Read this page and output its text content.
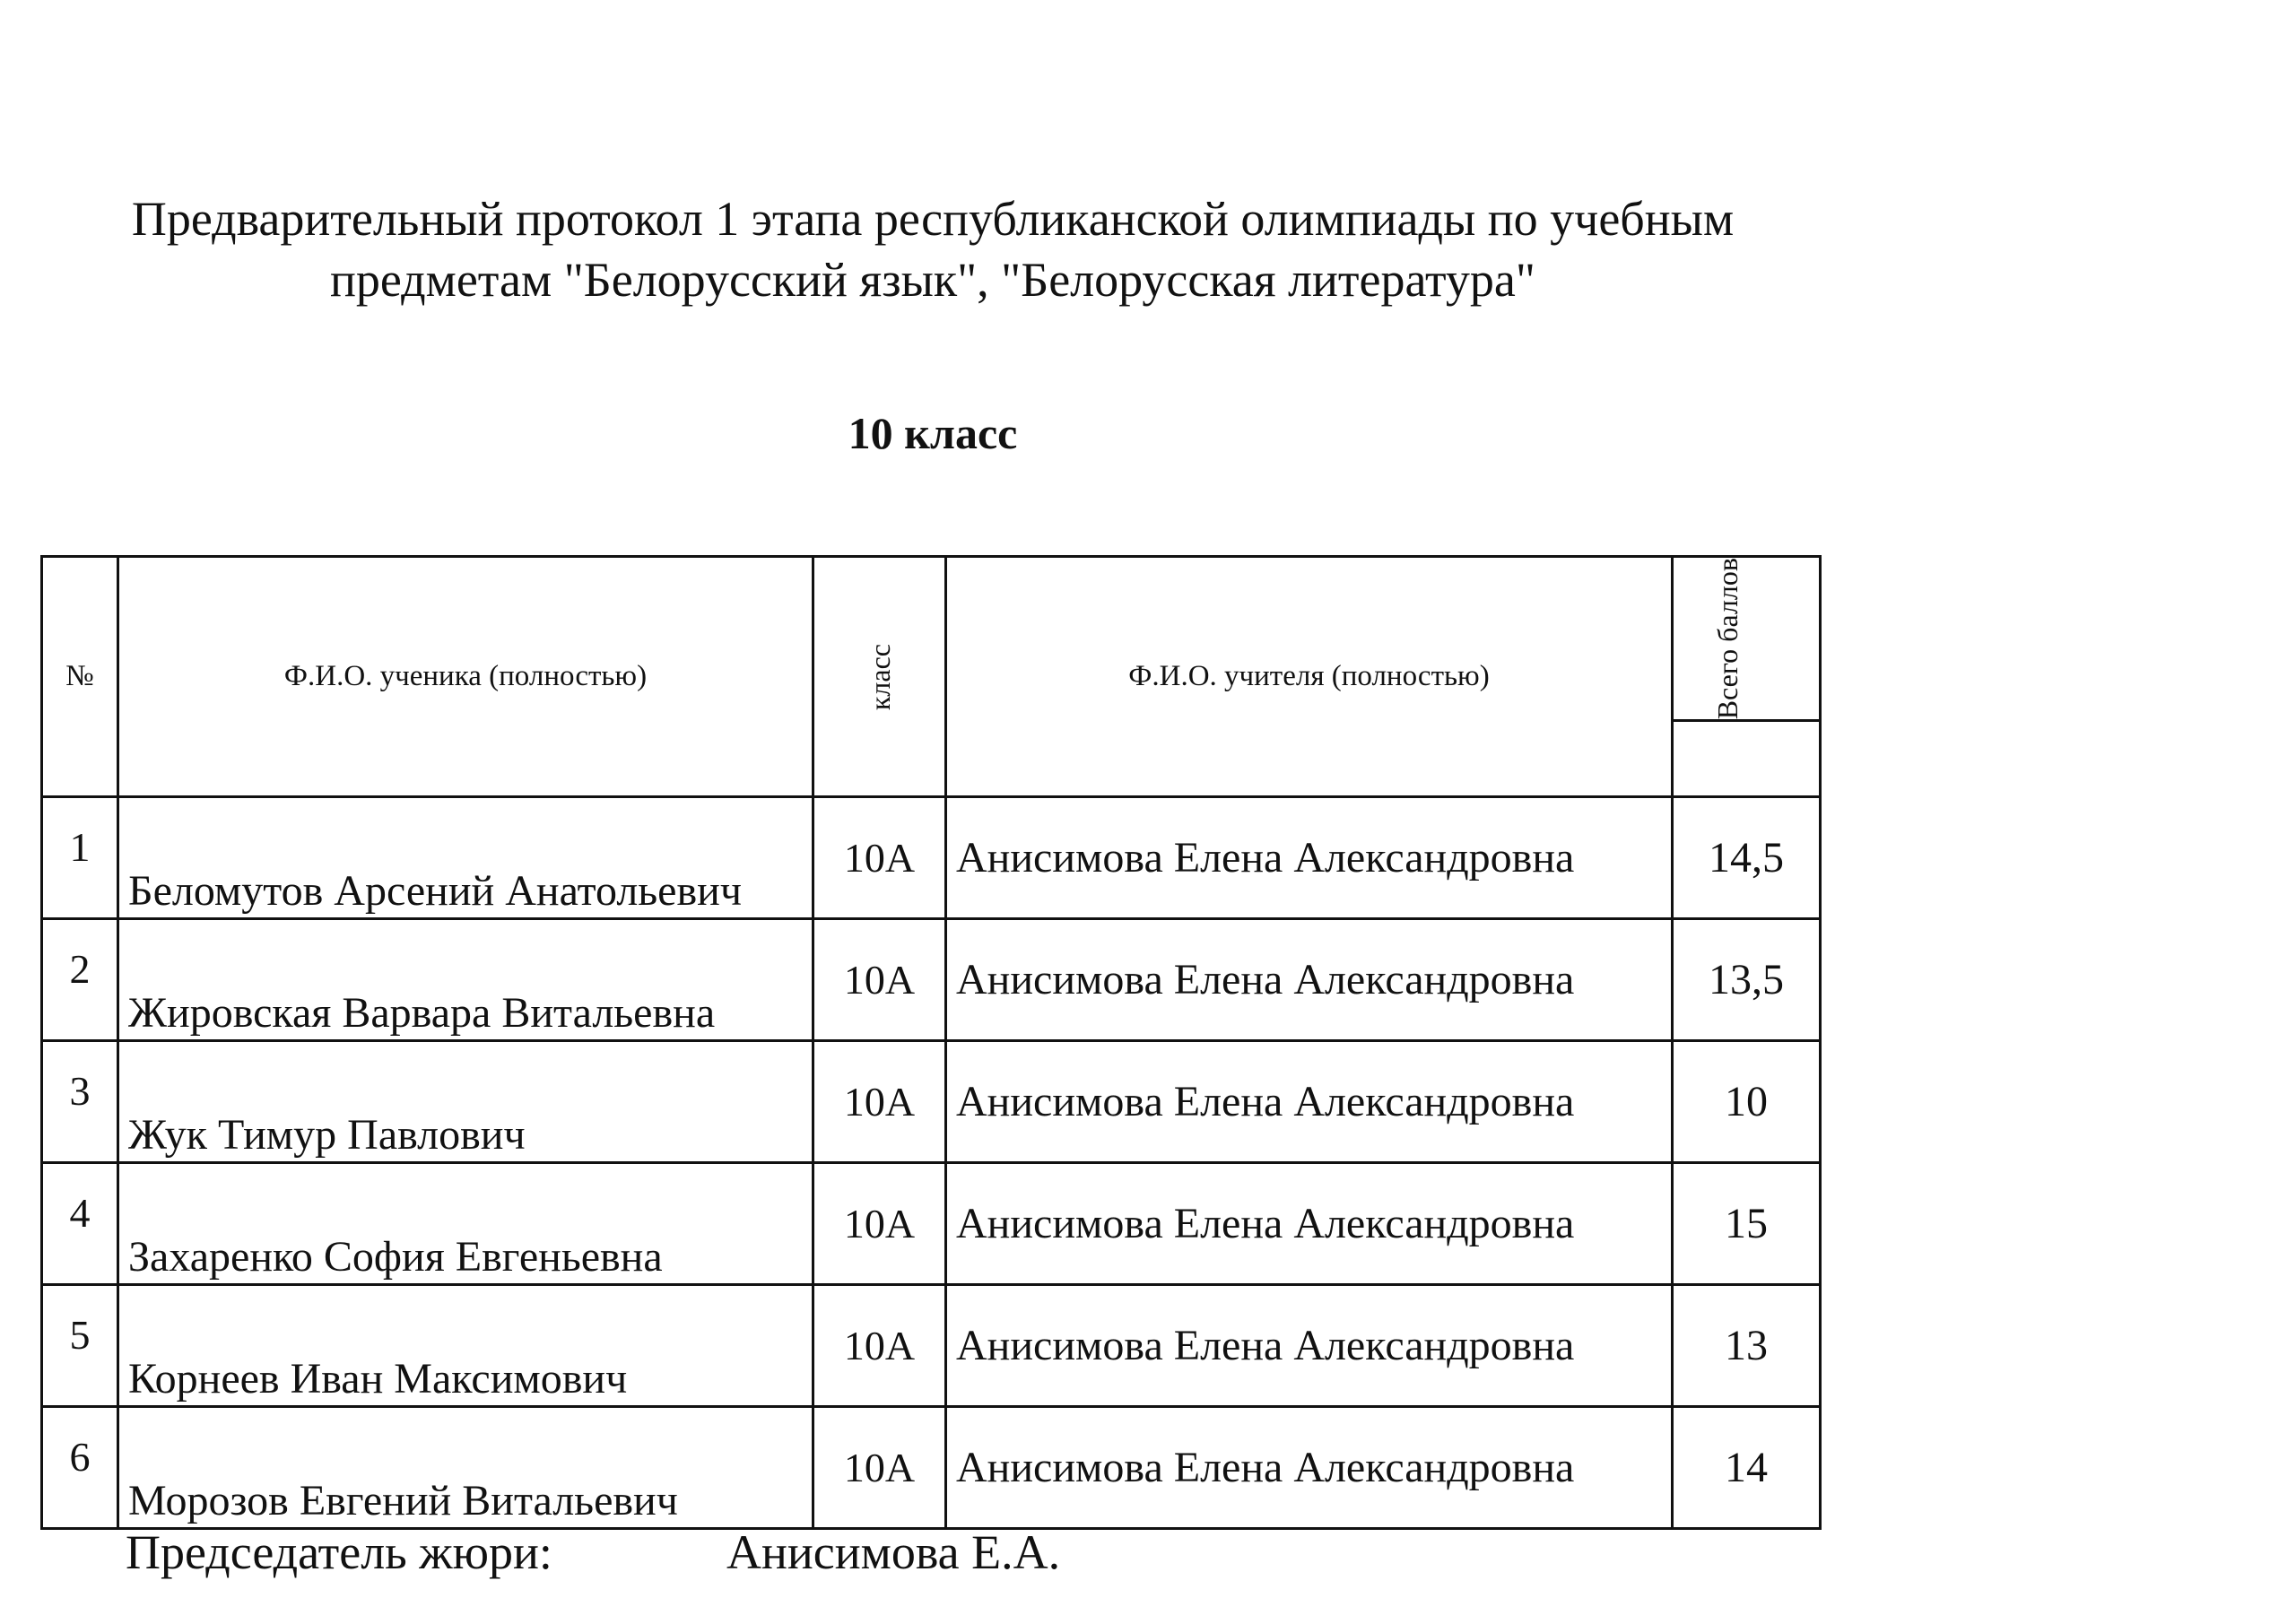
Предварительный протокол 1 этапа республиканской олимпиады по учебным
предметам "Белорусский язык", "Белорусская литература"
10 класс
№	Ф.И.О. ученика (полностью)	класс	Ф.И.О. учителя (полностью)	Всего баллов

1	Беломутов Арсений Анатольевич	10А	Анисимова Елена Александровна	14,5
2	Жировская Варвара Витальевна	10А	Анисимова Елена Александровна	13,5
3	Жук Тимур Павлович	10А	Анисимова Елена Александровна	10
4	Захаренко София Евгеньевна	10А	Анисимова Елена Александровна	15
5	Корнеев Иван Максимович	10А	Анисимова Елена Александровна	13
6	Морозов Евгений Витальевич	10А	Анисимова Елена Александровна	14

Председатель жюри:	Анисимова Е.А.
